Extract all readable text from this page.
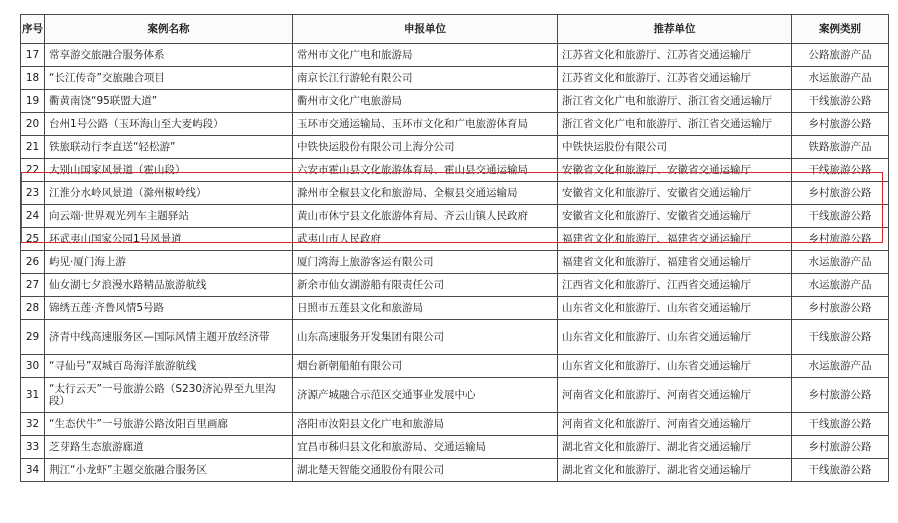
序号	案例名称	申报单位	推荐单位	案例类别
17	常享游交旅融合服务体系	常州市文化广电和旅游局	江苏省文化和旅游厅、江苏省交通运输厅	公路旅游产品
18	“长江传奇”交旅融合项目	南京长江行游轮有限公司	江苏省文化和旅游厅、江苏省交通运输厅	水运旅游产品
19	衢黄南饶“95联盟大道”	衢州市文化广电旅游局	浙江省文化广电和旅游厅、浙江省交通运输厅	干线旅游公路
20	台州1号公路（玉环海山至大麦屿段）	玉环市交通运输局、玉环市文化和广电旅游体育局	浙江省文化广电和旅游厅、浙江省交通运输厅	乡村旅游公路
21	铁旅联动行李直送“轻松游”	中铁快运股份有限公司上海分公司	中铁快运股份有限公司	铁路旅游产品
22	大别山国家风景道（霍山段）	六安市霍山县文化旅游体育局、霍山县交通运输局	安徽省文化和旅游厅、安徽省交通运输厅	干线旅游公路
23	江淮分水岭风景道（滁州椒岭线）	滁州市全椒县文化和旅游局、全椒县交通运输局	安徽省文化和旅游厅、安徽省交通运输厅	乡村旅游公路
24	向云端·世界观光列车主题驿站	黄山市休宁县文化旅游体育局、齐云山镇人民政府	安徽省文化和旅游厅、安徽省交通运输厅	干线旅游公路
25	环武夷山国家公园1号风景道	武夷山市人民政府	福建省文化和旅游厅、福建省交通运输厅	乡村旅游公路
26	屿见·厦门海上游	厦门湾海上旅游客运有限公司	福建省文化和旅游厅、福建省交通运输厅	水运旅游产品
27	仙女湖七夕浪漫水路精品旅游航线	新余市仙女湖游船有限责任公司	江西省文化和旅游厅、江西省交通运输厅	水运旅游产品
28	锦绣五莲·齐鲁风情5号路	日照市五莲县文化和旅游局	山东省文化和旅游厅、山东省交通运输厅	乡村旅游公路
29	济青中线高速服务区—国际风情主题开放经济带	山东高速服务开发集团有限公司	山东省文化和旅游厅、山东省交通运输厅	干线旅游公路
30	“寻仙号”双城百岛海洋旅游航线	烟台新朝船舶有限公司	山东省文化和旅游厅、山东省交通运输厅	水运旅游产品
31	“太行云天”一号旅游公路（S230济沁界至九里沟段）	济源产城融合示范区交通事业发展中心	河南省文化和旅游厅、河南省交通运输厅	乡村旅游公路
32	“生态伏牛”一号旅游公路汝阳百里画廊	洛阳市汝阳县文化广电和旅游局	河南省文化和旅游厅、河南省交通运输厅	干线旅游公路
33	芝芽路生态旅游廊道	宜昌市秭归县文化和旅游局、交通运输局	湖北省文化和旅游厅、湖北省交通运输厅	乡村旅游公路
34	荆江“小龙虾”主题交旅融合服务区	湖北楚天智能交通股份有限公司	湖北省文化和旅游厅、湖北省交通运输厅	干线旅游公路
